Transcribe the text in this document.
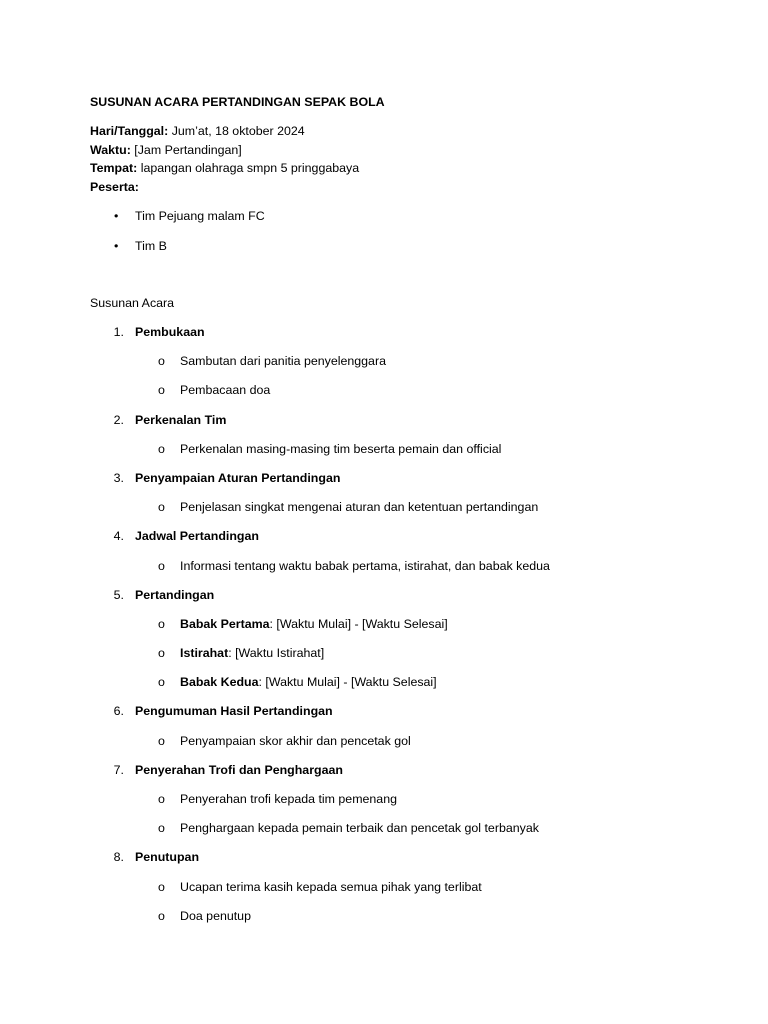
SUSUNAN ACARA PERTANDINGAN SEPAK BOLA
Hari/Tanggal: Jum’at, 18 oktober 2024
Waktu: [Jam Pertandingan]
Tempat: lapangan olahraga smpn 5 pringgabaya
Peserta:
• Tim Pejuang malam FC
• Tim B
Susunan Acara
1. Pembukaan
o Sambutan dari panitia penyelenggara
o Pembacaan doa
2. Perkenalan Tim
o Perkenalan masing-masing tim beserta pemain dan official
3. Penyampaian Aturan Pertandingan
o Penjelasan singkat mengenai aturan dan ketentuan pertandingan
4. Jadwal Pertandingan
o Informasi tentang waktu babak pertama, istirahat, dan babak kedua
5. Pertandingan
o Babak Pertama: [Waktu Mulai] - [Waktu Selesai]
o Istirahat: [Waktu Istirahat]
o Babak Kedua: [Waktu Mulai] - [Waktu Selesai]
6. Pengumuman Hasil Pertandingan
o Penyampaian skor akhir dan pencetak gol
7. Penyerahan Trofi dan Penghargaan
o Penyerahan trofi kepada tim pemenang
o Penghargaan kepada pemain terbaik dan pencetak gol terbanyak
8. Penutupan
o Ucapan terima kasih kepada semua pihak yang terlibat
o Doa penutup
